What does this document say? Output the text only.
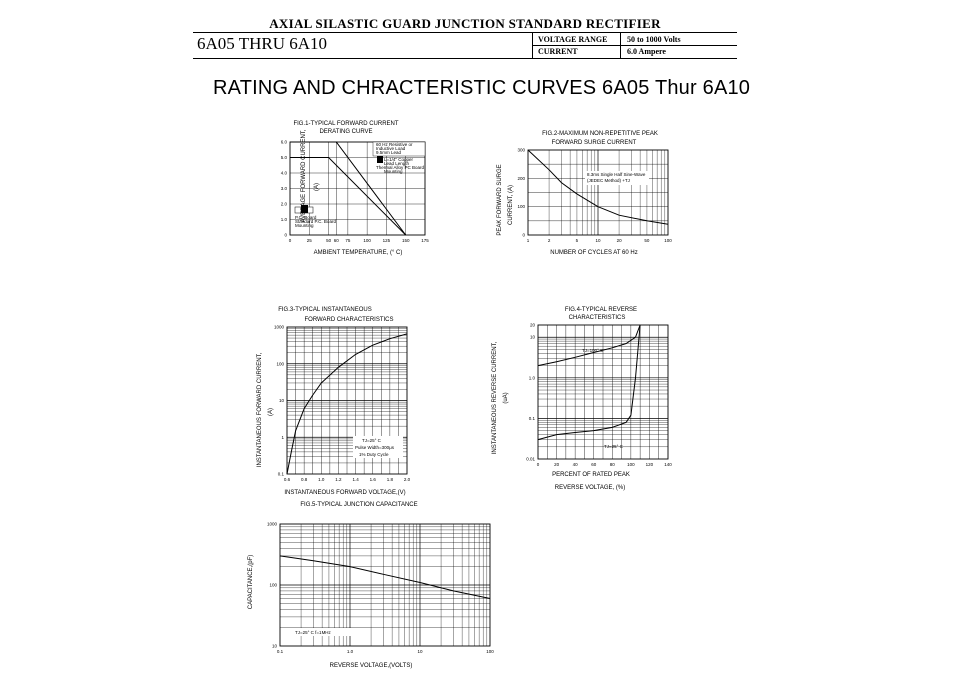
AXIAL SILASTIC GUARD JUNCTION STANDARD RECTIFIER
6A05 THRU 6A10	VOLTAGE RANGE 50 to 1000 Volts
CURRENT	6.0 Ampere
RATING AND CHRACTERISTIC CURVES 6A05 Thur 6A10
FIG.1-TYPICAL FORWARD CURRENT
DERATING CURVE
0	25	50 60 75	100	125	150	175
6.0
5.0
4.0
3.0
2.0
1.0
0
60 Hz Resistive or
Inductive Load
9.5mm Lead
L=1/4" Copper
Lead Length
Thermal Alloy PC Board
Mounting
P.C. Board
Standard P.C. Board
Mounting
AVERAGE FORWARD CURRENT, (A)
AMBIENT TEMPERATURE, (° C)
FIG.2-MAXIMUM NON-REPETITIVE PEAK
FORWARD SURGE CURRENT
1	2	5	10	20	50	100
300
200
100
0
8.3ms Single Half Sine-Wave
(JEDEC Method) +TJ
PEAK FORWARD SURGE CURRENT, (A)
NUMBER OF CYCLES AT 60 Hz
FIG.3-TYPICAL INSTANTANEOUS
FORWARD CHARACTERISTICS
0.6 0.8 1.0 1.2 1.4 1.6 1.8 2.0
1000
100
10
1
0.1
TJ=25° C
Pulse Width=300μs
1% Duty Cycle
INSTANTANEOUS FORWARD CURRENT, (A)
INSTANTANEOUS FORWARD VOLTAGE,(V)
FIG.4-TYPICAL REVERSE
CHARACTERISTICS
0	20	40	60	80	100 120 140
20
10
1.0
0.1
0.01
TJ=100° C
TJ=25° C
INSTANTANEOUS REVERSE CURRENT, (uA)
PERCENT OF RATED PEAK
REVERSE VOLTAGE, (%)
FIG.5-TYPICAL JUNCTION CAPACITANCE
0.1	1.0	10	100
1000
100
10
TJ=25° C f=1MHz
CAPACITANCE,(pF)
REVERSE VOLTAGE,(VOLTS)
